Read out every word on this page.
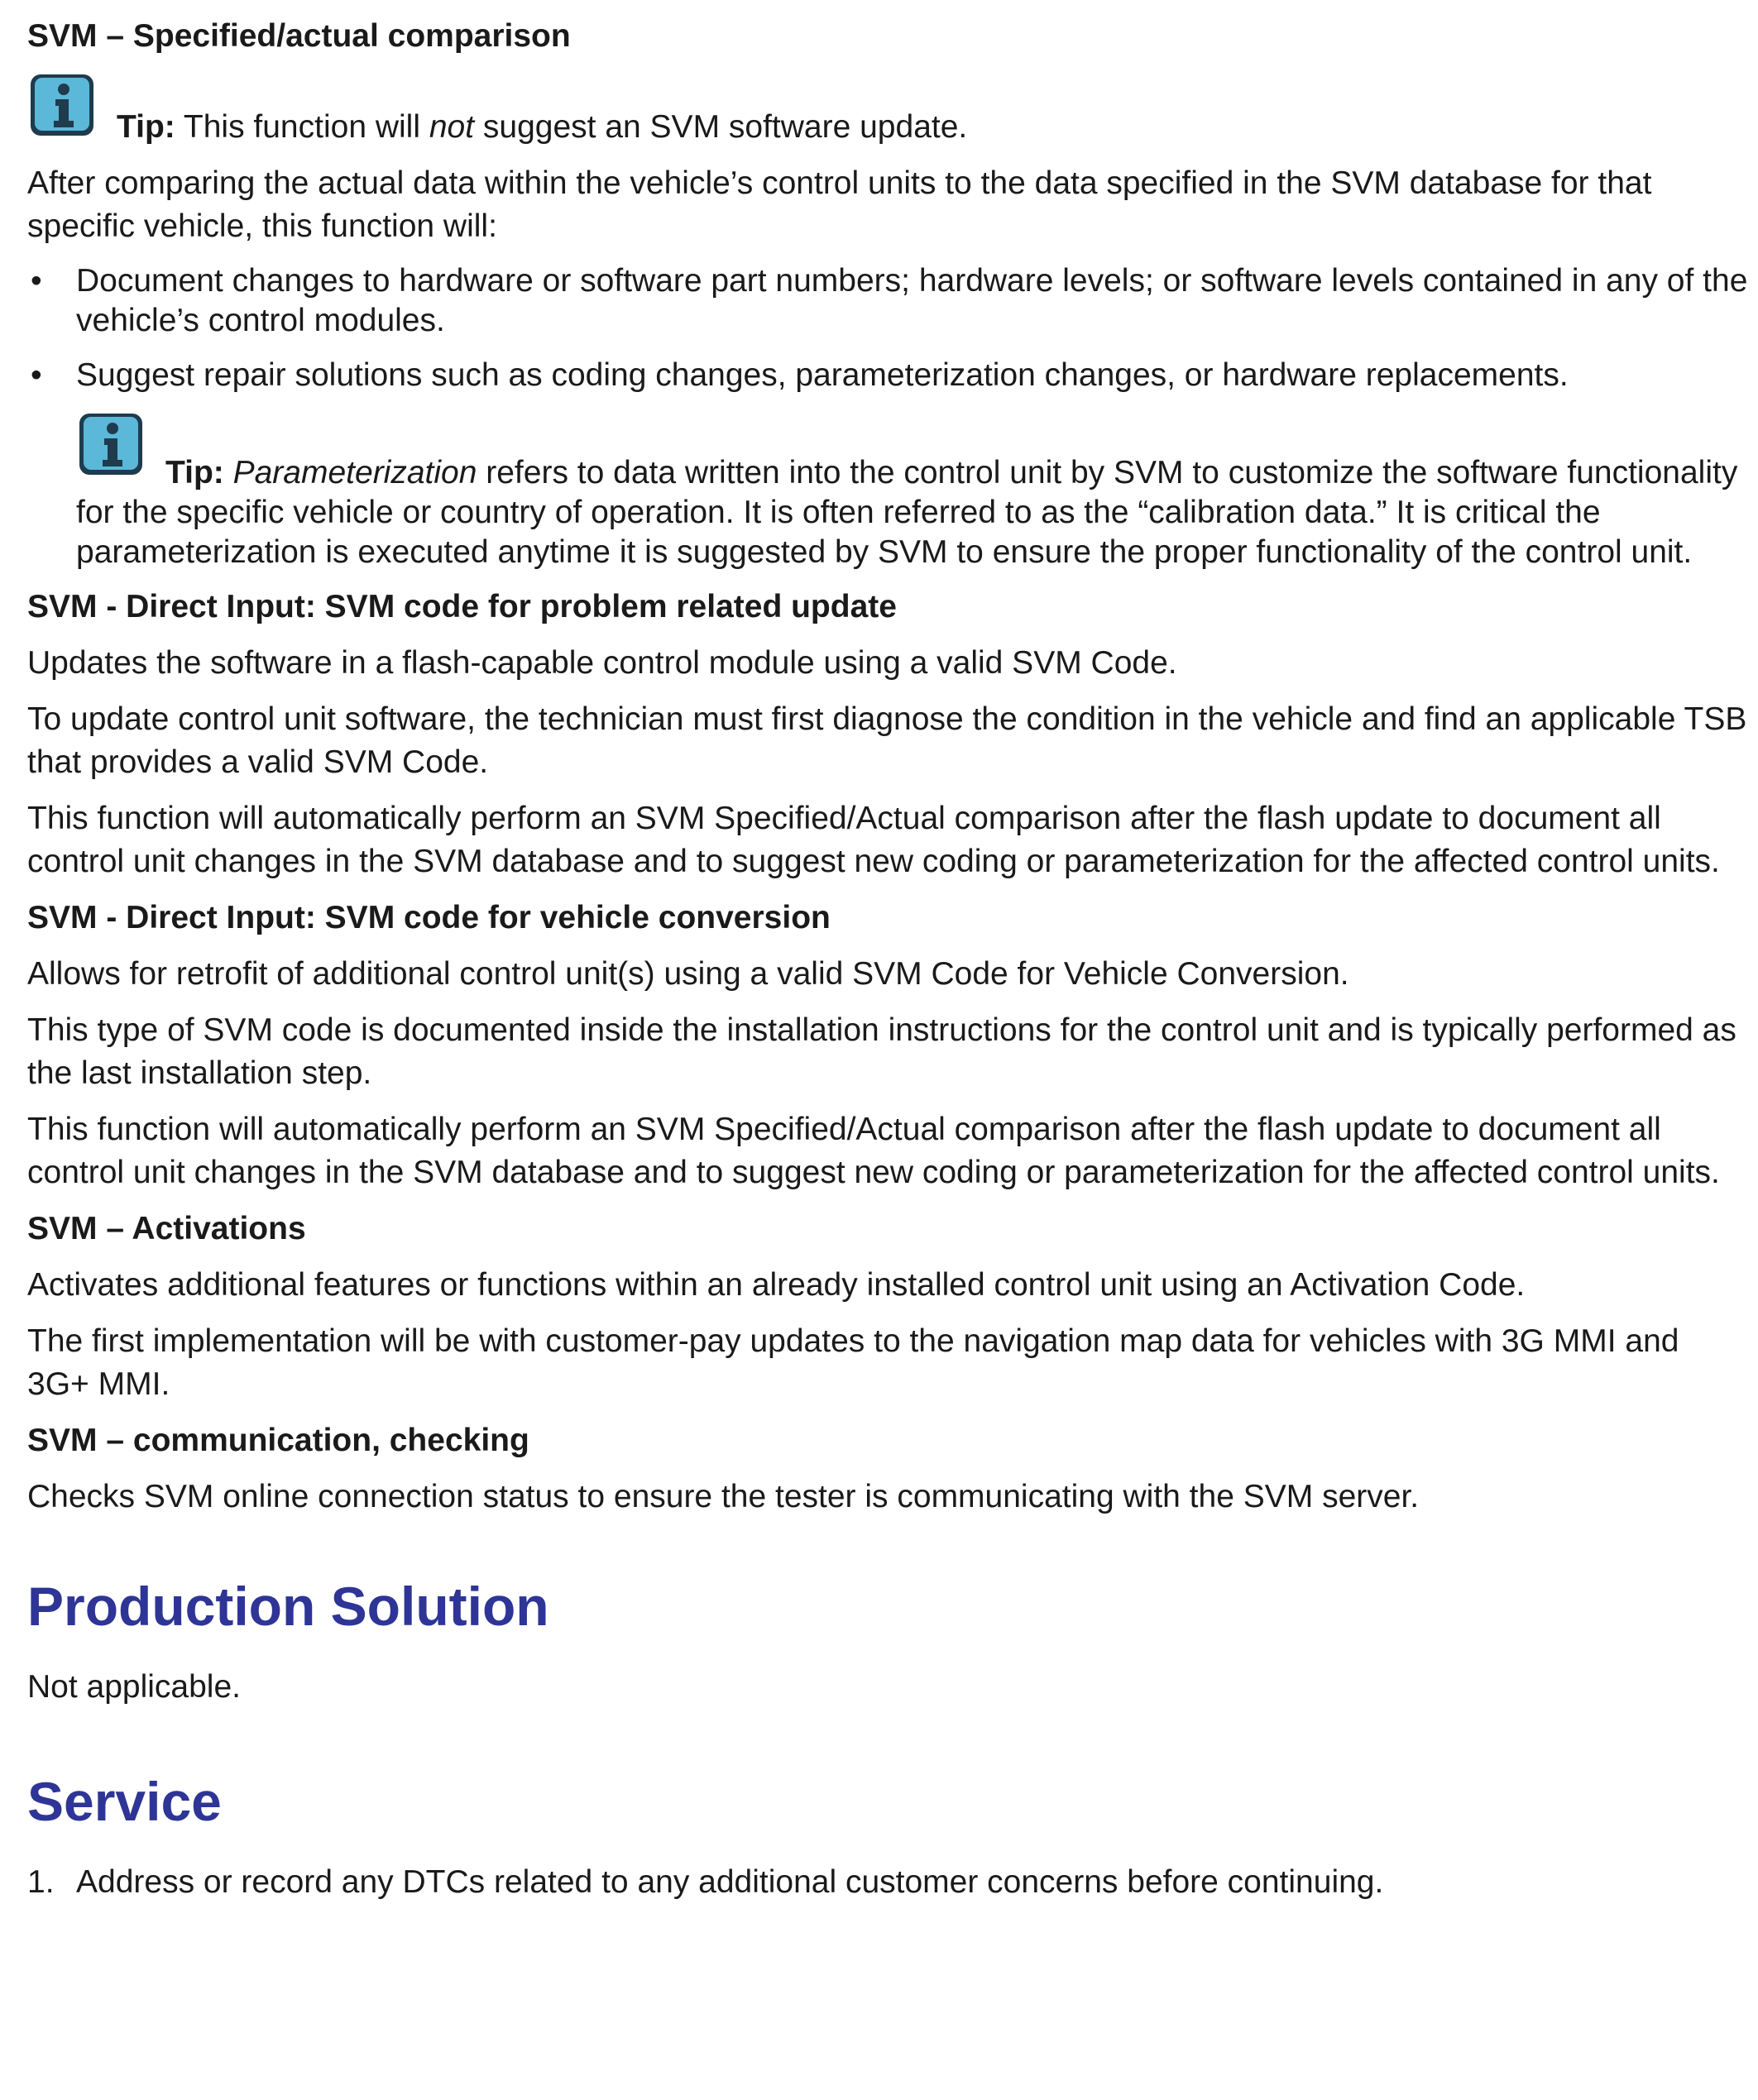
SVM – Specified/actual comparison

Tip: This function will not suggest an SVM software update.

After comparing the actual data within the vehicle’s control units to the data specified in the SVM database for that specific vehicle, this function will:

• Document changes to hardware or software part numbers; hardware levels; or software levels contained in any of the vehicle’s control modules.
• Suggest repair solutions such as coding changes, parameterization changes, or hardware replacements.
Tip: Parameterization refers to data written into the control unit by SVM to customize the software functionality for the specific vehicle or country of operation. It is often referred to as the “calibration data.” It is critical the parameterization is executed anytime it is suggested by SVM to ensure the proper functionality of the control unit.
SVM - Direct Input: SVM code for problem related update

Updates the software in a flash-capable control module using a valid SVM Code.

To update control unit software, the technician must first diagnose the condition in the vehicle and find an applicable TSB that provides a valid SVM Code.

This function will automatically perform an SVM Specified/Actual comparison after the flash update to document all control unit changes in the SVM database and to suggest new coding or parameterization for the affected control units.

SVM - Direct Input: SVM code for vehicle conversion

Allows for retrofit of additional control unit(s) using a valid SVM Code for Vehicle Conversion.

This type of SVM code is documented inside the installation instructions for the control unit and is typically performed as the last installation step.

This function will automatically perform an SVM Specified/Actual comparison after the flash update to document all control unit changes in the SVM database and to suggest new coding or parameterization for the affected control units.

SVM – Activations

Activates additional features or functions within an already installed control unit using an Activation Code.

The first implementation will be with customer-pay updates to the navigation map data for vehicles with 3G MMI and 3G+ MMI.

SVM – communication, checking

Checks SVM online connection status to ensure the tester is communicating with the SVM server.

Production Solution

Not applicable.

Service
1. Address or record any DTCs related to any additional customer concerns before continuing.
